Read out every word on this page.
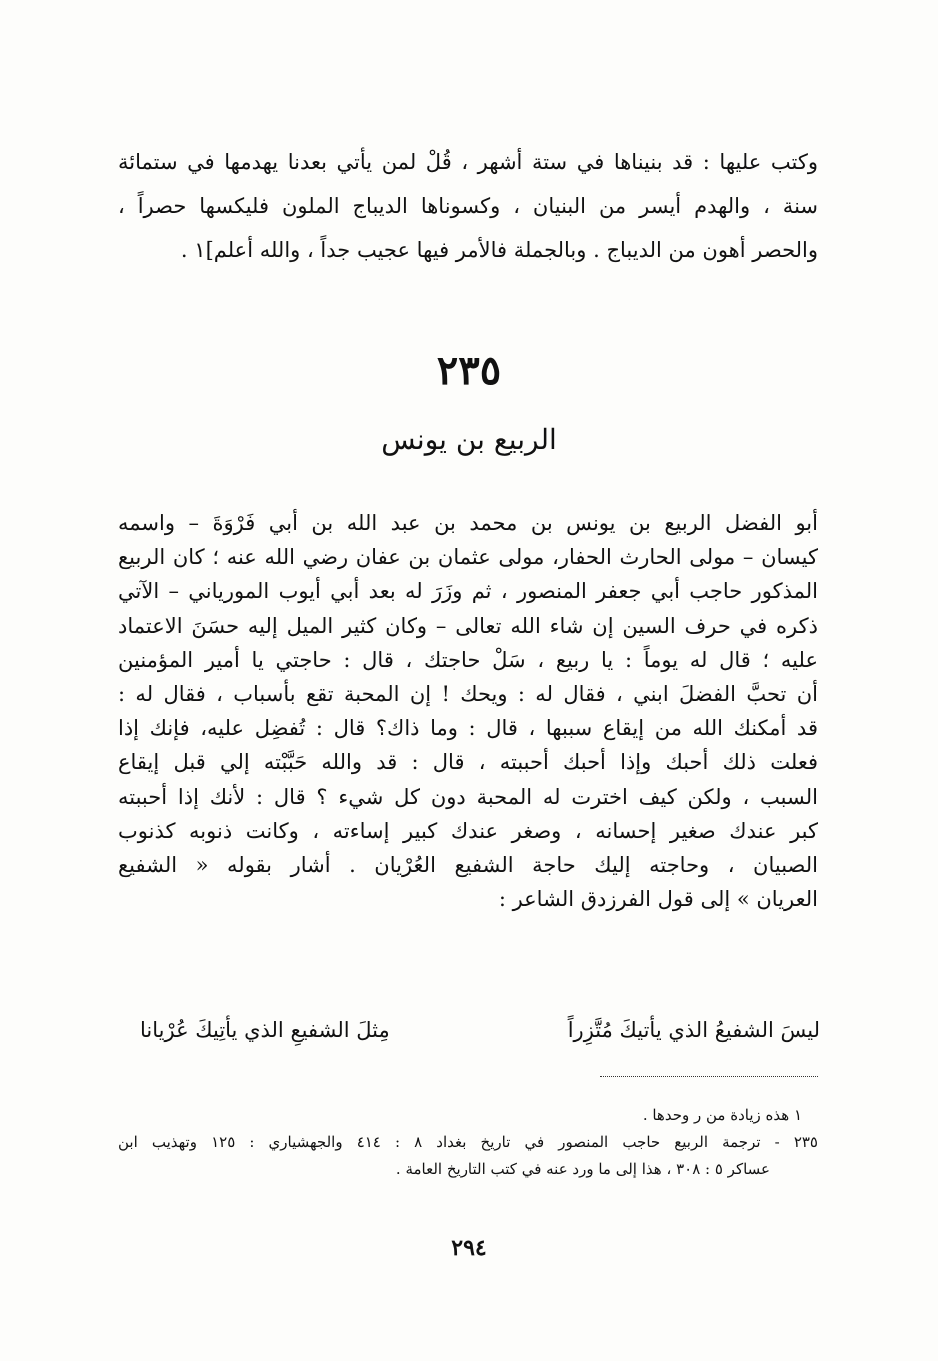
وكتب عليها : قد بنيناها في ستة أشهر ، قُلْ لمن يأتي بعدنا يهدمها في ستمائة
سنة ، والهدم أيسر من البنيان ، وكسوناها الديباج الملون فليكسها حصراً ،
والحصر أهون من الديباج . وبالجملة فالأمر فيها عجيب جداً ، والله أعلم]١ .
٢٣٥
الربيع بن يونس
أبو الفضل الربيع بن يونس بن محمد بن عبد الله بن أبي فَرْوَةَ – واسمه
كيسان – مولى الحارث الحفار، مولى عثمان بن عفان رضي الله عنه ؛ كان الربيع
المذكور حاجب أبي جعفر المنصور ، ثم وزَرَ له بعد أبي أيوب المورياني – الآتي
ذكره في حرف السين إن شاء الله تعالى – وكان كثير الميل إليه حسَنَ الاعتماد
عليه ؛ قال له يوماً : يا ربيع ، سَلْ حاجتك ، قال : حاجتي يا أمير المؤمنين
أن تحبَّ الفضلَ ابني ، فقال له : ويحك ! إن المحبة تقع بأسباب ، فقال له :
قد أمكنك الله من إيقاع سببها ، قال : وما ذاك؟ قال : تُفضِل عليه، فإنك إذا
فعلت ذلك أحبك وإذا أحبك أحببته ، قال : قد والله حَبَّبْته إلي قبل إيقاع
السبب ، ولكن كيف اخترت له المحبة دون كل شيء ؟ قال : لأنك إذا أحببته
كبر عندك صغير إحسانه ، وصغر عندك كبير إساءته ، وكانت ذنوبه كذنوب
الصبيان ، وحاجته إليك حاجة الشفيع العُرْيان . أشار بقوله « الشفيع
العريان » إلى قول الفرزدق الشاعر :
ليسَ الشفيعُ الذي يأتيكَ مُتَّزِراً
مِثلَ الشفيعِ الذي يأتِيكَ عُرْيانا
١ هذه زيادة من ر وحدها .
٢٣٥ - ترجمة الربيع حاجب المنصور في تاريخ بغداد ٨ : ٤١٤ والجهشياري : ١٢٥ وتهذيب ابن
عساكر ٥ : ٣٠٨ ، هذا إلى ما ورد عنه في كتب التاريخ العامة .
٢٩٤
